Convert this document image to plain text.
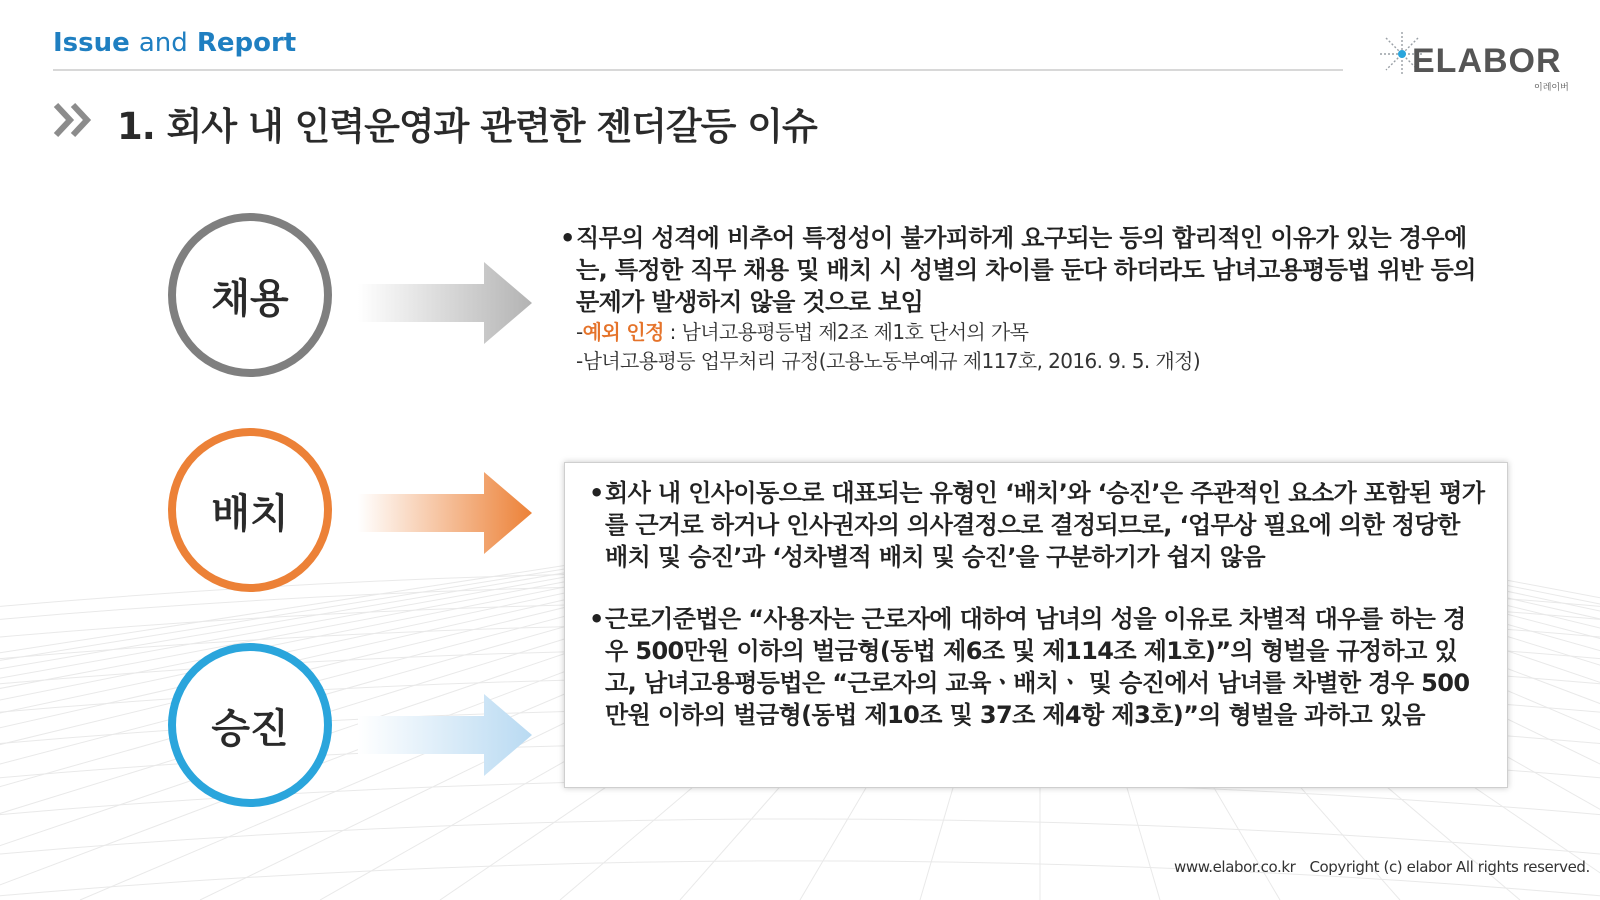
Issue and Report	ELABOR
이레이버
1. 회사 내 인력운영과 관련한 젠더갈등 이슈
채용
배치
승진
• 직무의 성격에 비추어 특정성이 불가피하게 요구되는 등의 합리적인 이유가 있는 경우에는, 특정한 직무 채용 및 배치 시 성별의 차이를 둔다 하더라도 남녀고용평등법 위반 등의 문제가 발생하지 않을 것으로 보임
-예외 인정 : 남녀고용평등법 제2조 제1호 단서의 가목
-남녀고용평등 업무처리 규정(고용노동부예규 제117호, 2016. 9. 5. 개정)
• 회사 내 인사이동으로 대표되는 유형인 ‘배치’와 ‘승진’은 주관적인 요소가 포함된 평가를 근거로 하거나 인사권자의 의사결정으로 결정되므로, ‘업무상 필요에 의한 정당한 배치 및 승진’과 ‘성차별적 배치 및 승진’을 구분하기가 쉽지 않음
• 근로기준법은 “사용자는 근로자에 대하여 남녀의 성을 이유로 차별적 대우를 하는 경우 500만원 이하의 벌금형(동법 제6조 및 제114조 제1호)”의 형벌을 규정하고 있고, 남녀고용평등법은 “근로자의 교육ㆍ배치ㆍ 및 승진에서 남녀를 차별한 경우 500만원 이하의 벌금형(동법 제10조 및 37조 제4항 제3호)”의 형벌을 과하고 있음
www.elabor.co.kr Copyright (c) elabor All rights reserved.
